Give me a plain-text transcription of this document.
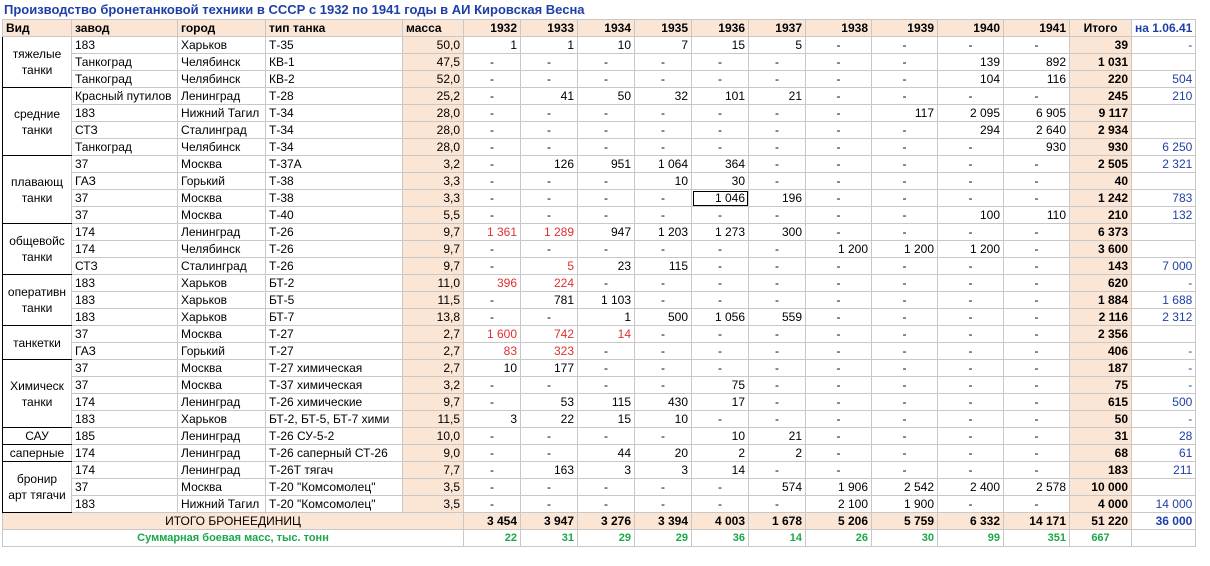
Производство бронетанковой техники в СССР с 1932 по 1941 годы в АИ Кировская Весна
Вид	завод	город	тип танка	масса	1932	1933	1934	1935	1936	1937	1938	1939	1940	1941	Итого	на 1.06.41
тяжелые танки	183	Харьков	Т-35	50,0	1	1	10	7	15	5	-	-	-	-	39	-
	Танкоград	Челябинск	КВ-1	47,5	-	-	-	-	-	-	-	-	139	892	1 031	
	Танкоград	Челябинск	КВ-2	52,0	-	-	-	-	-	-	-	-	104	116	220	504
средние танки	Красный путилов	Ленинград	Т-28	25,2	-	41	50	32	101	21	-	-	-	-	245	210
	183	Нижний Тагил	Т-34	28,0	-	-	-	-	-	-	-	117	2 095	6 905	9 117	
	СТЗ	Сталинград	Т-34	28,0	-	-	-	-	-	-	-	-	294	2 640	2 934	
	Танкоград	Челябинск	Т-34	28,0	-	-	-	-	-	-	-	-	-	930	930	6 250
плавающ танки	37	Москва	Т-37А	3,2	-	126	951	1 064	364	-	-	-	-	-	2 505	2 321
	ГАЗ	Горький	Т-38	3,3	-	-	-	10	30	-	-	-	-	-	40	
	37	Москва	Т-38	3,3	-	-	-	-	1 046	196	-	-	-	-	1 242	783
	37	Москва	Т-40	5,5	-	-	-	-	-	-	-	-	100	110	210	132
общевойс танки	174	Ленинград	Т-26	9,7	1 361	1 289	947	1 203	1 273	300	-	-	-	-	6 373	
	174	Челябинск	Т-26	9,7	-	-	-	-	-	-	1 200	1 200	1 200	-	3 600	
	СТЗ	Сталинград	Т-26	9,7	-	5	23	115	-	-	-	-	-	-	143	7 000
оперативн танки	183	Харьков	БТ-2	11,0	396	224	-	-	-	-	-	-	-	-	620	-
	183	Харьков	БТ-5	11,5	-	781	1 103	-	-	-	-	-	-	-	1 884	1 688
	183	Харьков	БТ-7	13,8	-	-	1	500	1 056	559	-	-	-	-	2 116	2 312
танкетки	37	Москва	Т-27	2,7	1 600	742	14	-	-	-	-	-	-	-	2 356	
	ГАЗ	Горький	Т-27	2,7	83	323	-	-	-	-	-	-	-	-	406	-
Химическ танки	37	Москва	Т-27 химическая	2,7	10	177	-	-	-	-	-	-	-	-	187	-
	37	Москва	Т-37 химическая	3,2	-	-	-	-	75	-	-	-	-	-	75	-
	174	Ленинград	Т-26 химические	9,7	-	53	115	430	17	-	-	-	-	-	615	500
	183	Харьков	БТ-2, БТ-5, БТ-7 хими	11,5	3	22	15	10	-	-	-	-	-	-	50	-
САУ	185	Ленинград	Т-26 СУ-5-2	10,0	-	-	-	-	10	21	-	-	-	-	31	28
саперные	174	Ленинград	Т-26 саперный СТ-26	9,0	-	-	44	20	2	2	-	-	-	-	68	61
бронир арт тягачи	174	Ленинград	Т-26Т тягач	7,7	-	163	3	3	14	-	-	-	-	-	183	211
	37	Москва	Т-20 "Комсомолец"	3,5	-	-	-	-	-	574	1 906	2 542	2 400	2 578	10 000	
	183	Нижний Тагил	Т-20 "Комсомолец"	3,5	-	-	-	-	-	-	2 100	1 900	-	-	4 000	14 000
ИТОГО БРОНЕЕДИНИЦ					3 454	3 947	3 276	3 394	4 003	1 678	5 206	5 759	6 332	14 171	51 220	36 000
Суммарная боевая масс, тыс. тонн					22	31	29	29	36	14	26	30	99	351	667	
